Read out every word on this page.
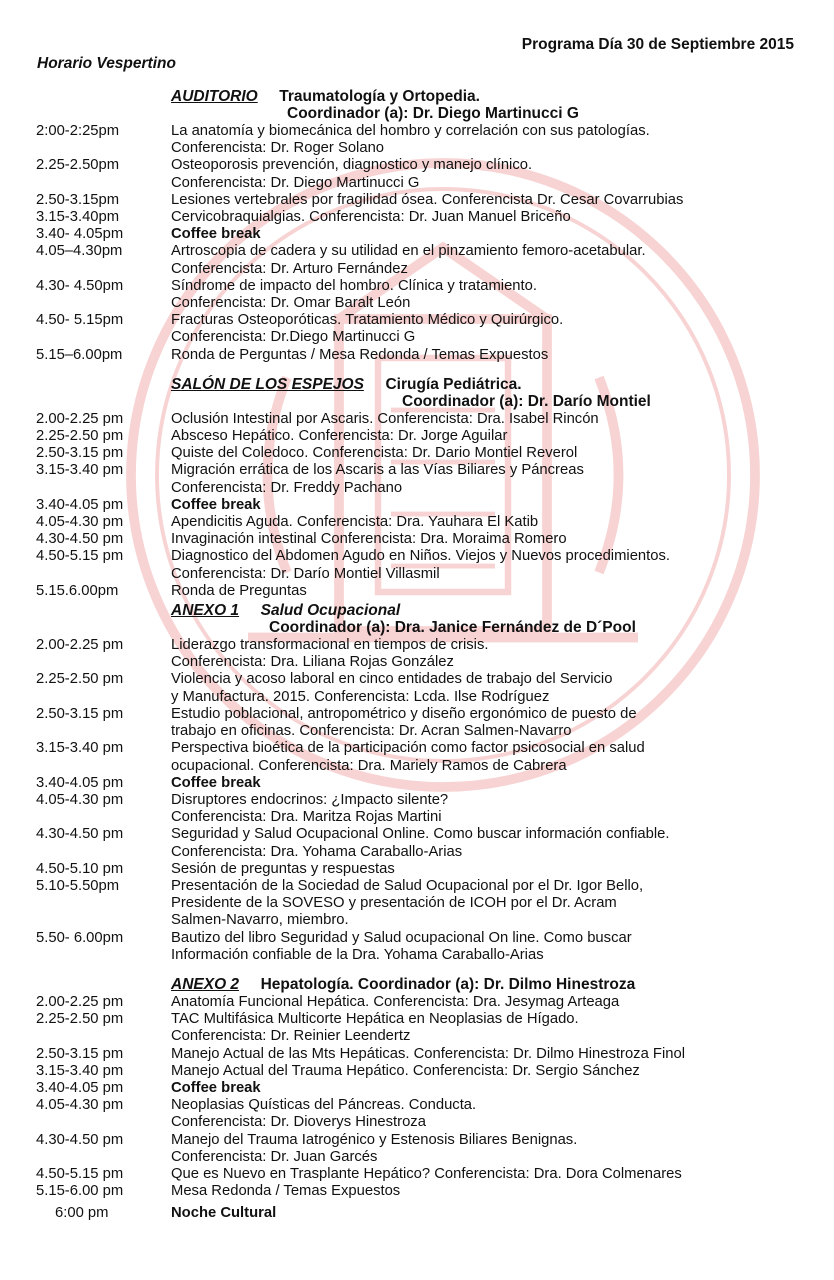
Programa Día 30 de Septiembre 2015
Horario Vespertino
AUDITORIO Traumatología y Ortopedia.
Coordinador (a): Dr. Diego Martinucci G
2:00-2:25pm	La anatomía y biomecánica del hombro y correlación con sus patologías.
Conferencista: Dr. Roger Solano
2.25-2.50pm	Osteoporosis prevención, diagnostico y manejo clínico.
Conferencista: Dr. Diego Martinucci G
2.50-3.15pm	Lesiones vertebrales por fragilidad ósea. Conferencista Dr. Cesar Covarrubias
3.15-3.40pm	Cervicobraquialgias. Conferencista: Dr. Juan Manuel Briceño
3.40- 4.05pm	Coffee break
4.05–4.30pm	Artroscopia de cadera y su utilidad en el pinzamiento femoro-acetabular.
Conferencista: Dr. Arturo Fernández
4.30- 4.50pm	Síndrome de impacto del hombro. Clínica y tratamiento.
Conferencista: Dr. Omar Baralt León
4.50- 5.15pm	Fracturas Osteoporóticas. Tratamiento Médico y Quirúrgico.
Conferencista: Dr.Diego Martinucci G
5.15–6.00pm	Ronda de Perguntas / Mesa Redonda / Temas Expuestos
SALÓN DE LOS ESPEJOS Cirugía Pediátrica.
Coordinador (a): Dr. Darío Montiel
2.00-2.25 pm	Oclusión Intestinal por Ascaris. Conferencista: Dra. Isabel Rincón
2.25-2.50 pm	Absceso Hepático. Conferencista: Dr. Jorge Aguilar
2.50-3.15 pm	Quiste del Coledoco. Conferencista: Dr. Dario Montiel Reverol
3.15-3.40 pm	Migración errática de los Ascaris a las Vías Biliares y Páncreas
Conferencista: Dr. Freddy Pachano
3.40-4.05 pm	Coffee break
4.05-4.30 pm	Apendicitis Aguda. Conferencista: Dra. Yauhara El Katib
4.30-4.50 pm	Invaginación intestinal Conferencista: Dra. Moraima Romero
4.50-5.15 pm	Diagnostico del Abdomen Agudo en Niños. Viejos y Nuevos procedimientos.
Conferencista: Dr. Darío Montiel Villasmil
5.15.6.00pm	Ronda de Preguntas
ANEXO 1 Salud Ocupacional
Coordinador (a): Dra. Janice Fernández de D´Pool
2.00-2.25 pm	Liderazgo transformacional en tiempos de crisis.
Conferencista: Dra. Liliana Rojas González
2.25-2.50 pm	Violencia y acoso laboral en cinco entidades de trabajo del Servicio
y Manufactura. 2015. Conferencista: Lcda. Ilse Rodríguez
2.50-3.15 pm	Estudio poblacional, antropométrico y diseño ergonómico de puesto de
trabajo en oficinas. Conferencista: Dr. Acran Salmen-Navarro
3.15-3.40 pm	Perspectiva bioética de la participación como factor psicosocial en salud
ocupacional. Conferencista: Dra. Mariely Ramos de Cabrera
3.40-4.05 pm	Coffee break
4.05-4.30 pm	Disruptores endocrinos: ¿Impacto silente?
Conferencista: Dra. Maritza Rojas Martini
4.30-4.50 pm	Seguridad y Salud Ocupacional Online. Como buscar información confiable.
Conferencista: Dra. Yohama Caraballo-Arias
4.50-5.10 pm	Sesión de preguntas y respuestas
5.10-5.50pm	Presentación de la Sociedad de Salud Ocupacional por el Dr. Igor Bello,
Presidente de la SOVESO y presentación de ICOH por el Dr. Acram
Salmen-Navarro, miembro.
5.50- 6.00pm	Bautizo del libro Seguridad y Salud ocupacional On line. Como buscar
Información confiable de la Dra. Yohama Caraballo-Arias
ANEXO 2 Hepatología. Coordinador (a): Dr. Dilmo Hinestroza
2.00-2.25 pm	Anatomía Funcional Hepática. Conferencista: Dra. Jesymag Arteaga
2.25-2.50 pm	TAC Multifásica Multicorte Hepática en Neoplasias de Hígado.
Conferencista: Dr. Reinier Leendertz
2.50-3.15 pm	Manejo Actual de las Mts Hepáticas. Conferencista: Dr. Dilmo Hinestroza Finol
3.15-3.40 pm	Manejo Actual del Trauma Hepático. Conferencista: Dr. Sergio Sánchez
3.40-4.05 pm	Coffee break
4.05-4.30 pm	Neoplasias Quísticas del Páncreas. Conducta.
Conferencista: Dr. Dioverys Hinestroza
4.30-4.50 pm	Manejo del Trauma Iatrogénico y Estenosis Biliares Benignas.
Conferencista: Dr. Juan Garcés
4.50-5.15 pm	Que es Nuevo en Trasplante Hepático? Conferencista: Dra. Dora Colmenares
5.15-6.00 pm	Mesa Redonda / Temas Expuestos
6:00 pm	Noche Cultural
